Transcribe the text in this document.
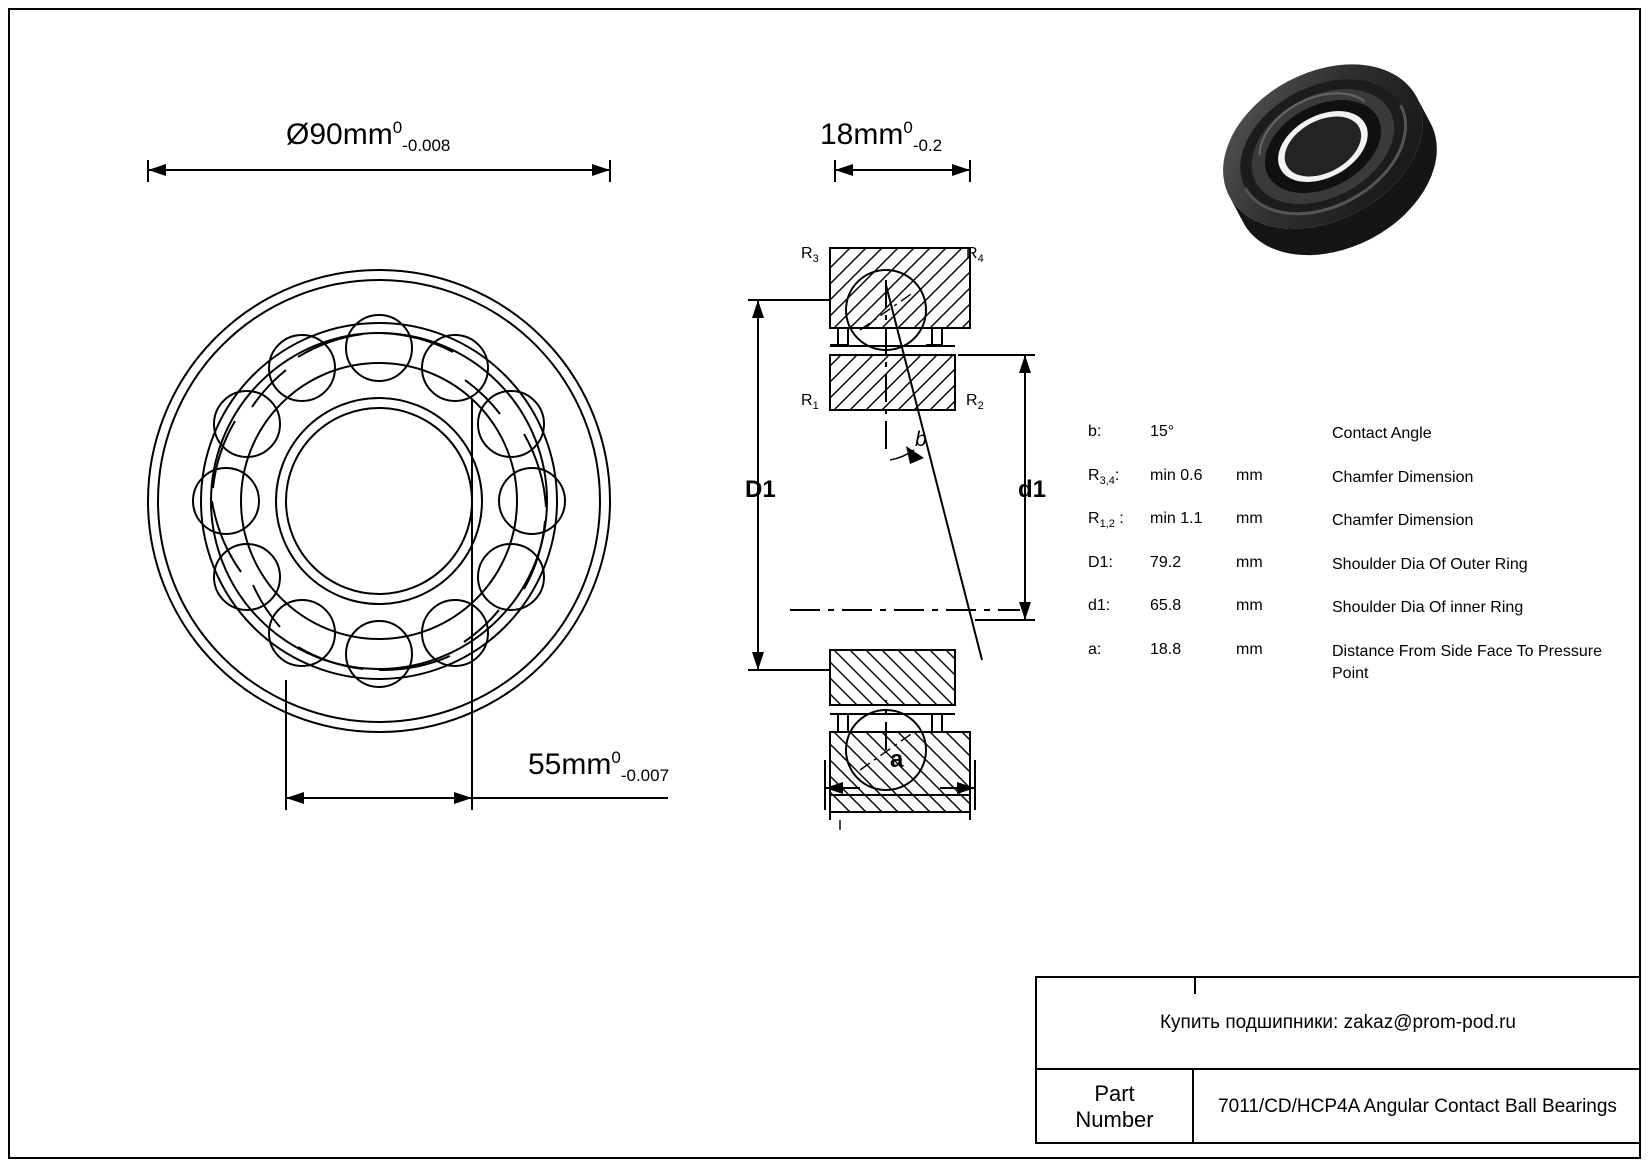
$Ø90mm^0_{-0.008}$
$55mm^0_{-0.007}$
$18mm^0_{-0.2}$
$R_3$	$R_4$
$R_1$	$R_2$
D1	d1
a
b	b:	15°		Contact Angle
$R_{3,4}$:	min 0.6	mm	Chamfer Dimension
$R_{1,2}$ :	min 1.1	mm	Chamfer Dimension
D1:	79.2	mm	Shoulder Dia Of Outer Ring
d1:	65.8	mm	Shoulder Dia Of inner Ring
a:	18.8	mm	Distance From Side Face To Pressure Point
Купить подшипники: zakaz@prom-pod.ru
Part
Number
7011/CD/HCP4A Angular Contact Ball Bearings
